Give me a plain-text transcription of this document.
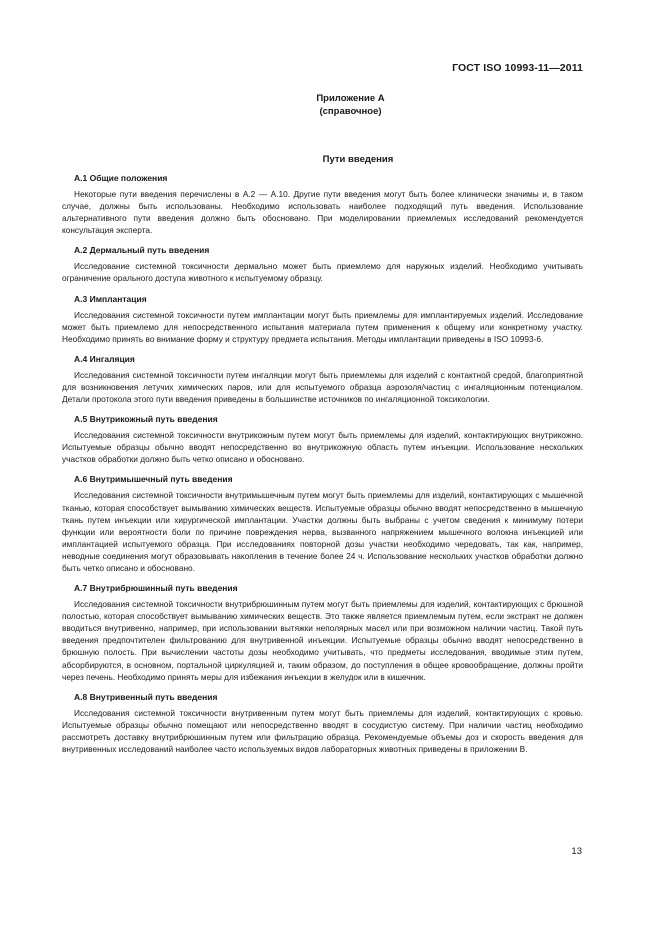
ГОСТ ISO 10993-11—2011
Приложение А
(справочное)
Пути введения
А.1 Общие положения

Некоторые пути введения перечислены в А.2 — А.10. Другие пути введения могут быть более клинически значимы и, в таком случае, должны быть использованы. Необходимо использовать наиболее подходящий путь введения. Использование альтернативного пути введения должно быть обосновано. При моделировании приемлемых исследований рекомендуется консультация эксперта.

А.2 Дермальный путь введения

Исследование системной токсичности дермально может быть приемлемо для наружных изделий. Необходимо учитывать ограничение орального доступа животного к испытуемому образцу.

А.3 Имплантация

Исследования системной токсичности путем имплантации могут быть приемлемы для имплантируемых изделий. Исследование может быть приемлемо для непосредственного испытания материала путем применения к общему или конкретному участку. Необходимо принять во внимание форму и структуру предмета испытания. Методы имплантации приведены в ISO 10993-6.

А.4 Ингаляция

Исследования системной токсичности путем ингаляции могут быть приемлемы для изделий с контактной средой, благоприятной для возникновения летучих химических паров, или для испытуемого образца аэрозоля/частиц с ингаляционным потенциалом. Детали протокола этого пути введения приведены в большинстве источников по ингаляционной токсикологии.

А.5 Внутрикожный путь введения

Исследования системной токсичности внутрикожным путем могут быть приемлемы для изделий, контактирующих внутрикожно. Испытуемые образцы обычно вводят непосредственно во внутрикожную область путем инъекции. Использование нескольких участков обработки должно быть четко описано и обосновано.

А.6 Внутримышечный путь введения

Исследования системной токсичности внутримышечным путем могут быть приемлемы для изделий, контактирующих с мышечной тканью, которая способствует вымыванию химических веществ. Испытуемые образцы обычно вводят непосредственно в мышечную ткань путем инъекции или хирургической имплантации. Участки должны быть выбраны с учетом сведения к минимуму потери функции или вероятности боли по причине повреждения нерва, вызванного напряжением мышечного волокна инъекцией или имплантацией испытуемого образца. При исследованиях повторной дозы участки необходимо чередовать, так как, например, неводные соединения могут образовывать накопления в течение более 24 ч. Использование нескольких участков обработки должно быть четко описано и обосновано.

А.7 Внутрибрюшинный путь введения

Исследования системной токсичности внутрибрюшинным путем могут быть приемлемы для изделий, контактирующих с брюшной полостью, которая способствует вымыванию химических веществ. Это также является приемлемым путем, если экстракт не должен вводиться внутривенно, например, при использовании вытяжки неполярных масел или при возможном наличии частиц. Такой путь введения предпочтителен фильтрованию для внутривенной инъекции. Испытуемые образцы обычно вводят непосредственно в брюшную полость. При вычислении частоты дозы необходимо учитывать, что предметы исследования, вводимые этим путем, абсорбируются, в основном, портальной циркуляцией и, таким образом, до поступления в общее кровообращение, должны пройти через печень. Необходимо принять меры для избежания инъекции в желудок или в кишечник.

А.8 Внутривенный путь введения

Исследования системной токсичности внутривенным путем могут быть приемлемы для изделий, контактирующих с кровью. Испытуемые образцы обычно помещают или непосредственно вводят в сосудистую систему. При наличии частиц необходимо рассмотреть доставку внутрибрюшинным путем или фильтрацию образца. Рекомендуемые объемы доз и скорость введения для внутривенных исследований наиболее часто используемых видов лабораторных животных приведены в приложении В.

13
